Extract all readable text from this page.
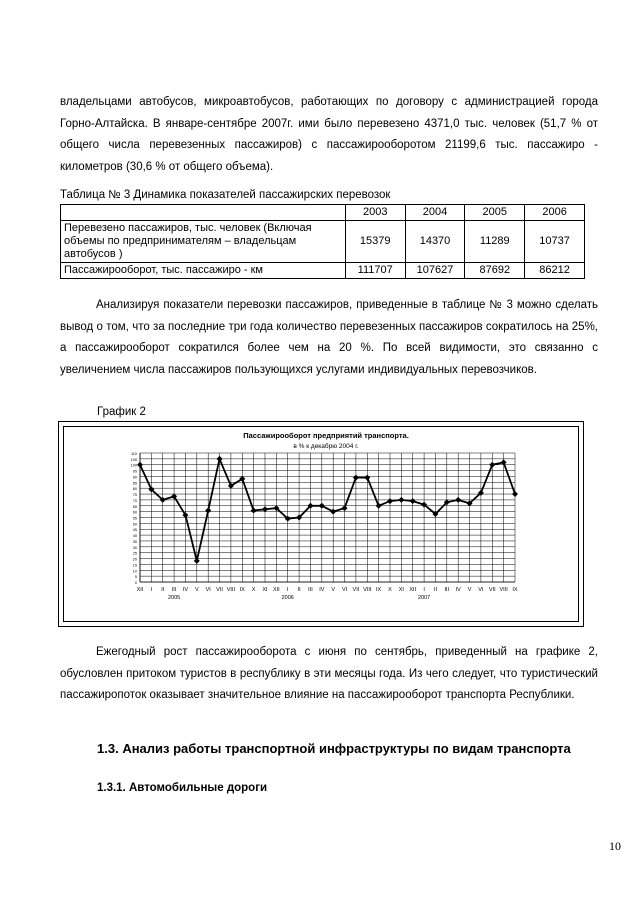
владельцами автобусов, микроавтобусов, работающих по договору с администрацией города Горно-Алтайска. В январе-сентябре 2007г. ими было перевезено 4371,0 тыс. человек (51,7 % от общего числа перевезенных пассажиров) с пассажирооборотом 21199,6 тыс. пассажиро - километров (30,6 % от общего объема).

Таблица № 3 Динамика показателей пассажирских перевозок

	2003	2004	2005	2006
Перевезено пассажиров, тыс. человек (Включая объемы по предпринимателям – владельцам автобусов )	15379	14370	11289	10737
Пассажирооборот, тыс. пассажиро - км	111707	107627	87692	86212

Анализируя показатели перевозки пассажиров, приведенные в таблице № 3 можно сделать вывод о том, что за последние три года количество перевезенных пассажиров сократилось на 25%, а пассажирооборот сократился более чем на 20 %. По всей видимости, это связанно с увеличением числа пассажиров пользующихся услугами индивидуальных перевозчиков.

График 2

Пассажирооборот предприятий транспорта.
в % к декабрю 2004 г.
0
5
10
15
20
25
30
35
40
45
50
55
60
65
70
75
80
85
90
95
100
105
110
XII I II III IV V VI VII VIII IX X XI XII I II III IV V VI VII VIII IX X XI XII I II III IV V VI VII VIII IX
2005	2006	2007

Ежегодный рост пассажирооборота с июня по сентябрь, приведенный на графике 2, обусловлен притоком туристов в республику в эти месяцы года. Из чего следует, что туристический пассажиропоток оказывает значительное влияние на пассажирооборот транспорта Республики.

1.3. Анализ работы транспортной инфраструктуры по видам транспорта

1.3.1. Автомобильные дороги

10
